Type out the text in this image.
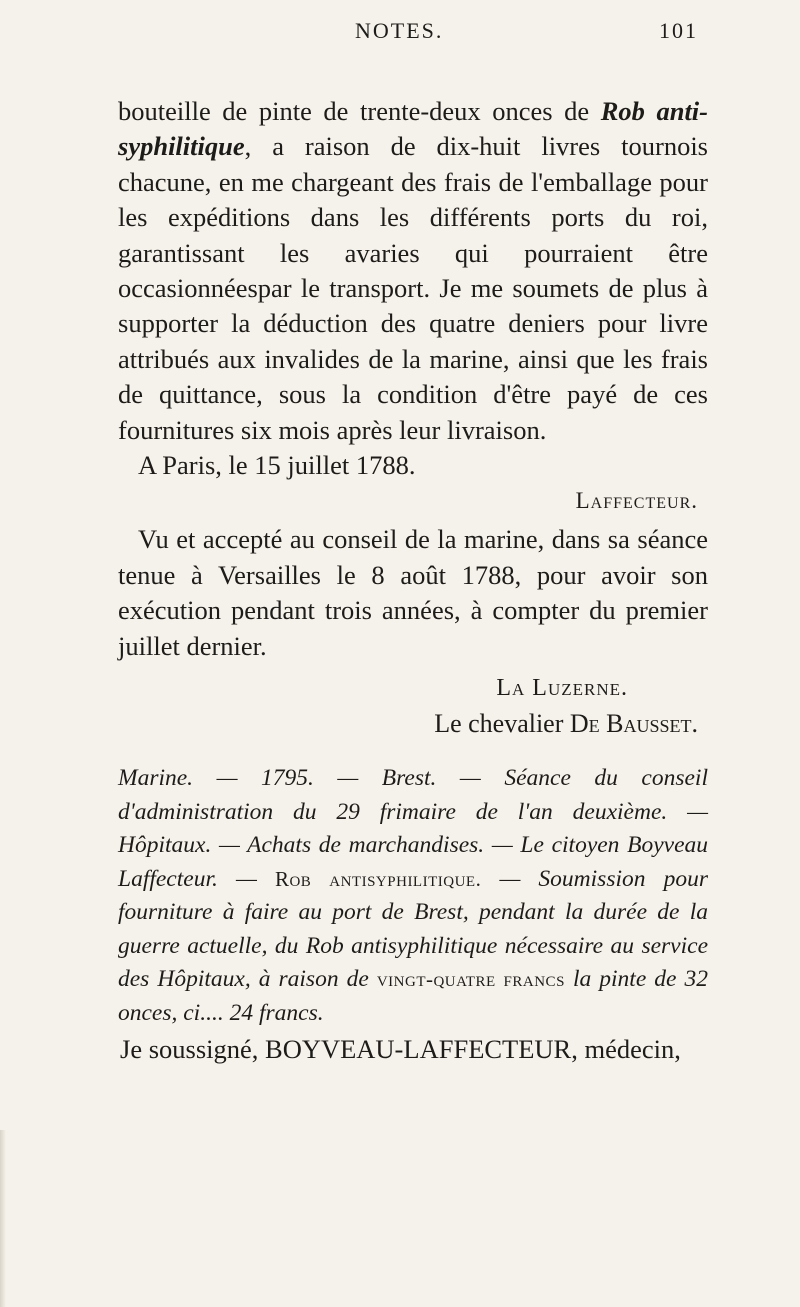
NOTES.	101

bouteille de pinte de trente-deux onces de Rob anti-syphilitique, a raison de dix-huit livres tournois chacune, en me chargeant des frais de l'emballage pour les expéditions dans les différents ports du roi, garantissant les avaries qui pourraient être occasionnéespar le transport. Je me soumets de plus à supporter la déduction des quatre deniers pour livre attribués aux invalides de la marine, ainsi que les frais de quittance, sous la condition d'être payé de ces fournitures six mois après leur livraison.

A Paris, le 15 juillet 1788.

Laffecteur.

Vu et accepté au conseil de la marine, dans sa séance tenue à Versailles le 8 août 1788, pour avoir son exécution pendant trois années, à compter du premier juillet dernier.

La Luzerne.

Le chevalier De Bausset.

Marine. — 1795. — Brest. — Séance du conseil d'administration du 29 frimaire de l'an deuxième. — Hôpitaux. — Achats de marchandises. — Le citoyen Boyveau Laffecteur. — Rob antisyphilitique. — Soumission pour fourniture à faire au port de Brest, pendant la durée de la guerre actuelle, du Rob antisyphilitique nécessaire au service des Hôpitaux, à raison de vingt-quatre francs la pinte de 32 onces, ci.... 24 francs.

Je soussigné, BOYVEAU-LAFFECTEUR, médecin,
